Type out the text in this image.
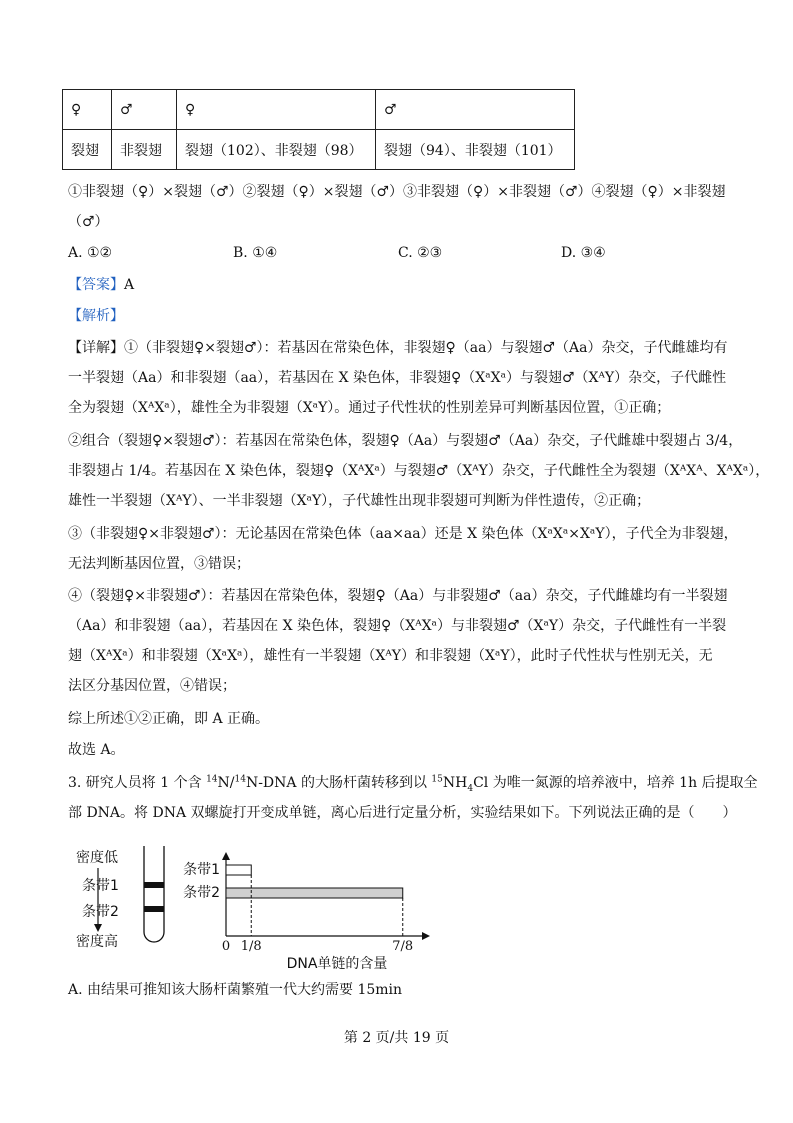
♀	♂	♀	♂
裂翅	非裂翅	裂翅（102）、非裂翅（98）	裂翅（94）、非裂翅（101）
①非裂翅（♀）×裂翅（♂）②裂翅（♀）×裂翅（♂）③非裂翅（♀）×非裂翅（♂）④裂翅（♀）×非裂翅
（♂）
A. ①②	B. ①④	C. ②③	D. ③④
【答案】A
【解析】
【详解】①（非裂翅♀×裂翅♂）：若基因在常染色体，非裂翅♀（aa）与裂翅♂（Aa）杂交，子代雌雄均有
一半裂翅（Aa）和非裂翅（aa），若基因在 X 染色体，非裂翅♀（XᵃXᵃ）与裂翅♂（XᴬY）杂交，子代雌性
全为裂翅（XᴬXᵃ），雄性全为非裂翅（XᵃY）。通过子代性状的性别差异可判断基因位置，①正确；
②组合（裂翅♀×裂翅♂）：若基因在常染色体，裂翅♀（Aa）与裂翅♂（Aa）杂交，子代雌雄中裂翅占 3/4，
非裂翅占 1/4。若基因在 X 染色体，裂翅♀（XᴬXᵃ）与裂翅♂（XᴬY）杂交，子代雌性全为裂翅（XᴬXᴬ、XᴬXᵃ），
雄性一半裂翅（XᴬY）、一半非裂翅（XᵃY），子代雄性出现非裂翅可判断为伴性遗传，②正确；
③（非裂翅♀×非裂翅♂）：无论基因在常染色体（aa×aa）还是 X 染色体（XᵃXᵃ×XᵃY），子代全为非裂翅，
无法判断基因位置，③错误；
④（裂翅♀×非裂翅♂）：若基因在常染色体，裂翅♀（Aa）与非裂翅♂（aa）杂交，子代雌雄均有一半裂翅
（Aa）和非裂翅（aa），若基因在 X 染色体，裂翅♀（XᴬXᵃ）与非裂翅♂（XᵃY）杂交，子代雌性有一半裂
翅（XᴬXᵃ）和非裂翅（XᵃXᵃ），雄性有一半裂翅（XᴬY）和非裂翅（XᵃY），此时子代性状与性别无关，无
法区分基因位置，④错误；
综上所述①②正确，即 A 正确。
故选 A。
3. 研究人员将 1 个含 $^{14}$N/$^{14}$N-DNA 的大肠杆菌转移到以 $^{15}NH_4Cl$ 为唯一氮源的培养液中，培养 1h 后提取全
部 DNA。将 DNA 双螺旋打开变成单链，离心后进行定量分析，实验结果如下。下列说法正确的是（　　）
密度低
条带1
条带2
密度高
条带1
条带2
0 1/8	7/8
DNA单链的含量
A. 由结果可推知该大肠杆菌繁殖一代大约需要 15min
第 2 页/共 19 页
